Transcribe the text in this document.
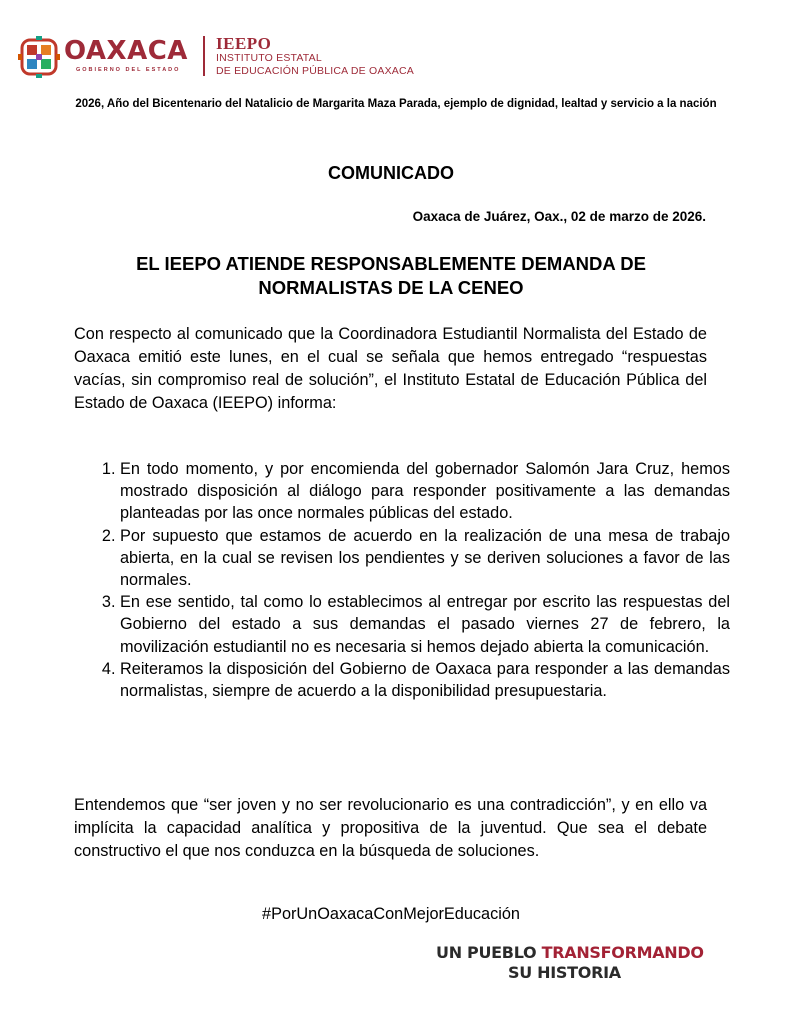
OAXACA
GOBIERNO DEL ESTADO
IEEPO
INSTITUTO ESTATAL
DE EDUCACIÓN PÚBLICA DE OAXACA
2026, Año del Bicentenario del Natalicio de Margarita Maza Parada, ejemplo de dignidad, lealtad y servicio a la nación
COMUNICADO
Oaxaca de Juárez, Oax., 02 de marzo de 2026.
EL IEEPO ATIENDE RESPONSABLEMENTE DEMANDA DE
NORMALISTAS DE LA CENEO

Con respecto al comunicado que la Coordinadora Estudiantil Normalista del Estado de Oaxaca emitió este lunes, en el cual se señala que hemos entregado “respuestas vacías, sin compromiso real de solución”, el Instituto Estatal de Educación Pública del Estado de Oaxaca (IEEPO) informa:

1. En todo momento, y por encomienda del gobernador Salomón Jara Cruz, hemos mostrado disposición al diálogo para responder positivamente a las demandas planteadas por las once normales públicas del estado.
2. Por supuesto que estamos de acuerdo en la realización de una mesa de trabajo abierta, en la cual se revisen los pendientes y se deriven soluciones a favor de las normales.
3. En ese sentido, tal como lo establecimos al entregar por escrito las respuestas del Gobierno del estado a sus demandas el pasado viernes 27 de febrero, la movilización estudiantil no es necesaria si hemos dejado abierta la comunicación.
4. Reiteramos la disposición del Gobierno de Oaxaca para responder a las demandas normalistas, siempre de acuerdo a la disponibilidad presupuestaria.

Entendemos que “ser joven y no ser revolucionario es una contradicción”, y en ello va implícita la capacidad analítica y propositiva de la juventud. Que sea el debate constructivo el que nos conduzca en la búsqueda de soluciones.

#PorUnOaxacaConMejorEducación
UN PUEBLO TRANSFORMANDO
SU HISTORIA
